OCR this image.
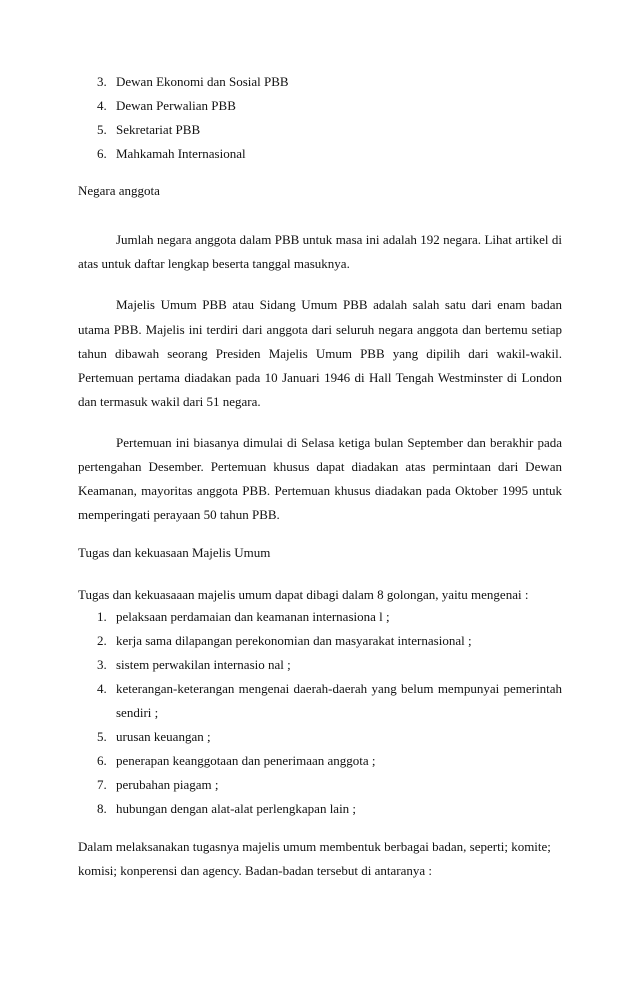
3. Dewan Ekonomi dan Sosial PBB
4. Dewan Perwalian PBB
5. Sekretariat PBB
6. Mahkamah Internasional
Negara anggota
Jumlah negara anggota dalam PBB untuk masa ini adalah 192 negara. Lihat artikel di
atas untuk daftar lengkap beserta tanggal masuknya.
Majelis Umum PBB atau Sidang Umum PBB adalah salah satu dari enam badan
utama PBB. Majelis ini terdiri dari anggota dari seluruh negara anggota dan bertemu setiap
tahun dibawah seorang Presiden Majelis Umum PBB yang dipilih dari wakil-wakil.
Pertemuan pertama diadakan pada 10 Januari 1946 di Hall Tengah Westminster di London
dan termasuk wakil dari 51 negara.
Pertemuan ini biasanya dimulai di Selasa ketiga bulan September dan berakhir pada
pertengahan Desember. Pertemuan khusus dapat diadakan atas permintaan dari Dewan
Keamanan, mayoritas anggota PBB. Pertemuan khusus diadakan pada Oktober 1995 untuk
memperingati perayaan 50 tahun PBB.
Tugas dan kekuasaan Majelis Umum
Tugas dan kekuasaaan majelis umum dapat dibagi dalam 8 golongan, yaitu mengenai :
1. pelaksaan perdamaian dan keamanan internasiona l ;
2. kerja sama dilapangan perekonomian dan masyarakat internasional ;
3. sistem perwakilan internasio nal ;
4. keterangan-keterangan mengenai daerah-daerah yang belum mempunyai pemerintah
sendiri ;
5. urusan keuangan ;
6. penerapan keanggotaan dan penerimaan anggota ;
7. perubahan piagam ;
8. hubungan dengan alat-alat perlengkapan lain ;
Dalam melaksanakan tugasnya majelis umum membentuk berbagai badan, seperti; komite;
komisi; konperensi dan agency. Badan-badan tersebut di antaranya :
